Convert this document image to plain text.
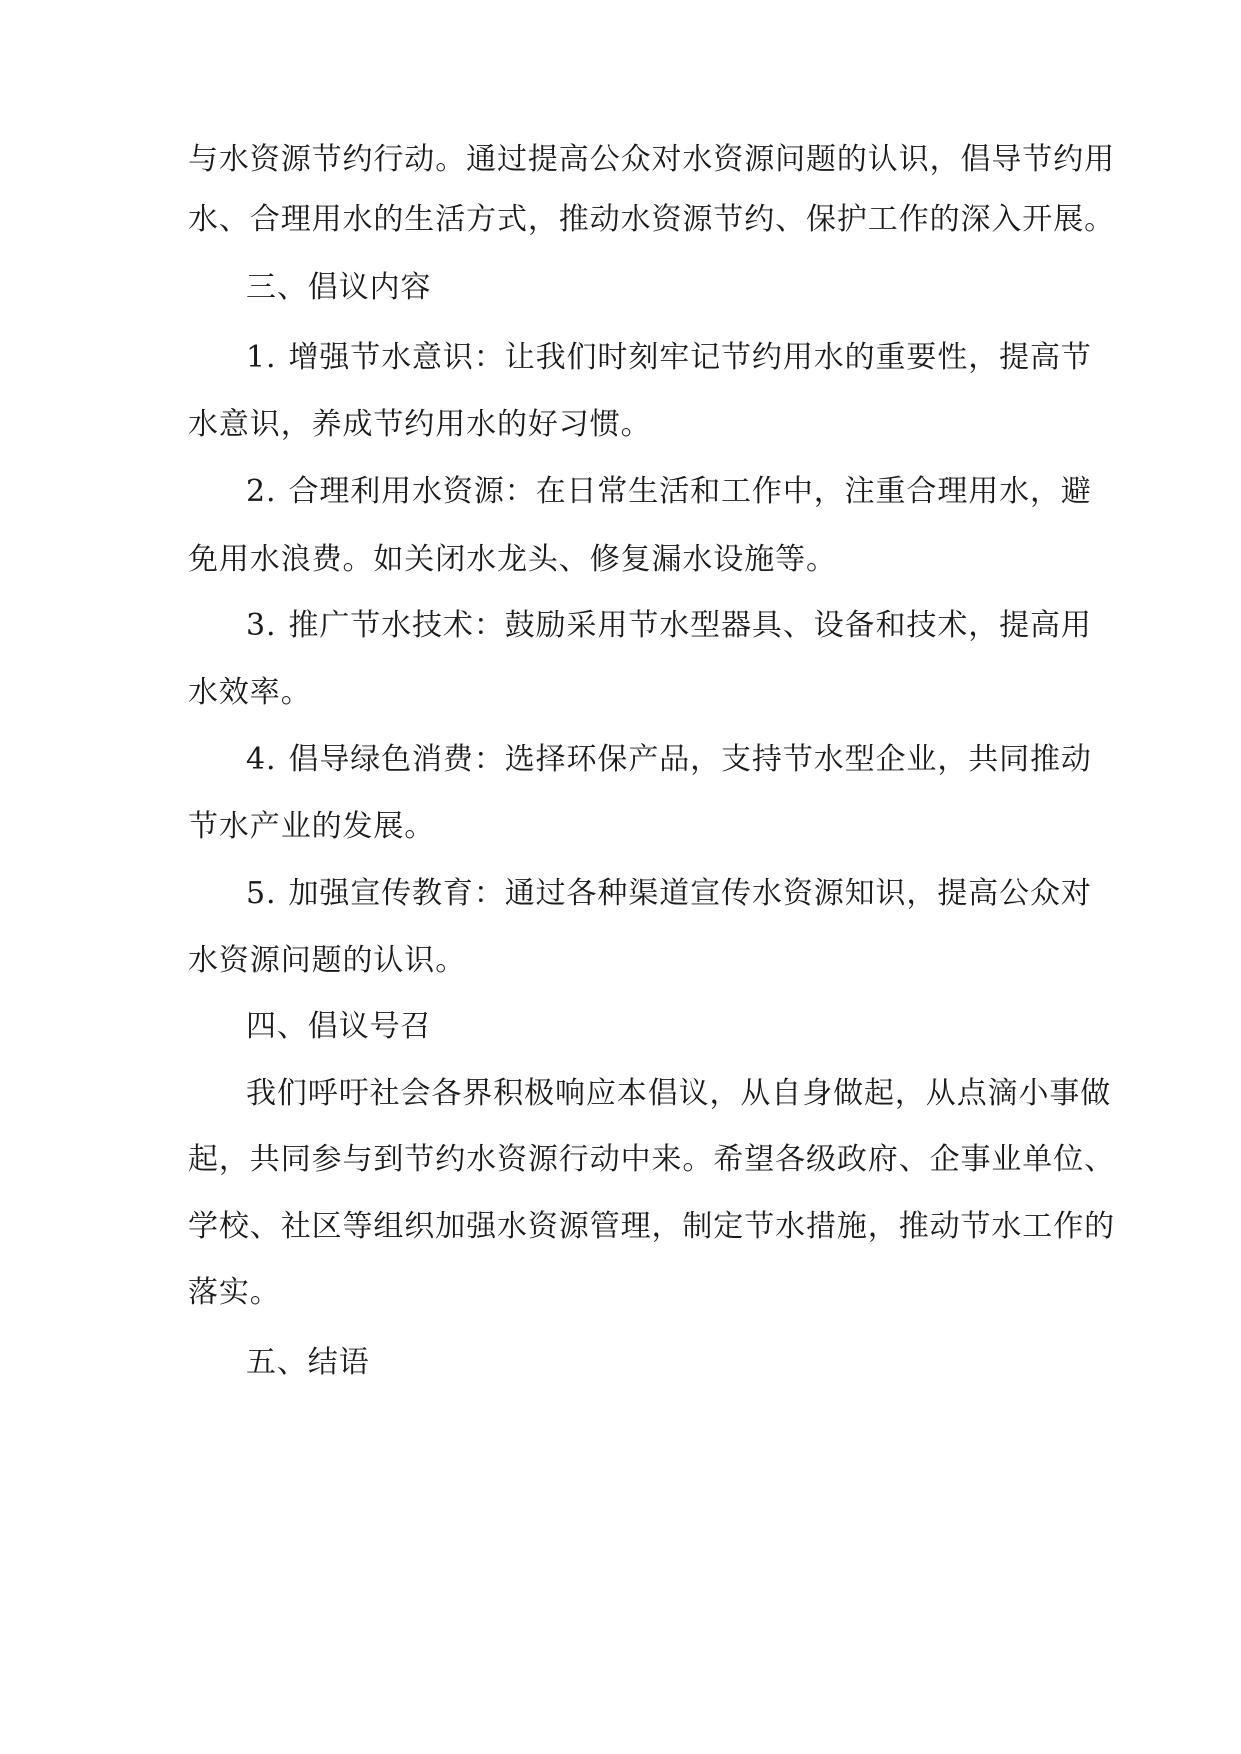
与水资源节约行动。通过提高公众对水资源问题的认识，倡导节约用
水、合理用水的生活方式，推动水资源节约、保护工作的深入开展。
三、倡议内容
1. 增强节水意识：让我们时刻牢记节约用水的重要性，提高节
水意识，养成节约用水的好习惯。
2. 合理利用水资源：在日常生活和工作中，注重合理用水，避
免用水浪费。如关闭水龙头、修复漏水设施等。
3. 推广节水技术：鼓励采用节水型器具、设备和技术，提高用
水效率。
4. 倡导绿色消费：选择环保产品，支持节水型企业，共同推动
节水产业的发展。
5. 加强宣传教育：通过各种渠道宣传水资源知识，提高公众对
水资源问题的认识。
四、倡议号召
我们呼吁社会各界积极响应本倡议，从自身做起，从点滴小事做
起，共同参与到节约水资源行动中来。希望各级政府、企事业单位、
学校、社区等组织加强水资源管理，制定节水措施，推动节水工作的
落实。
五、结语
